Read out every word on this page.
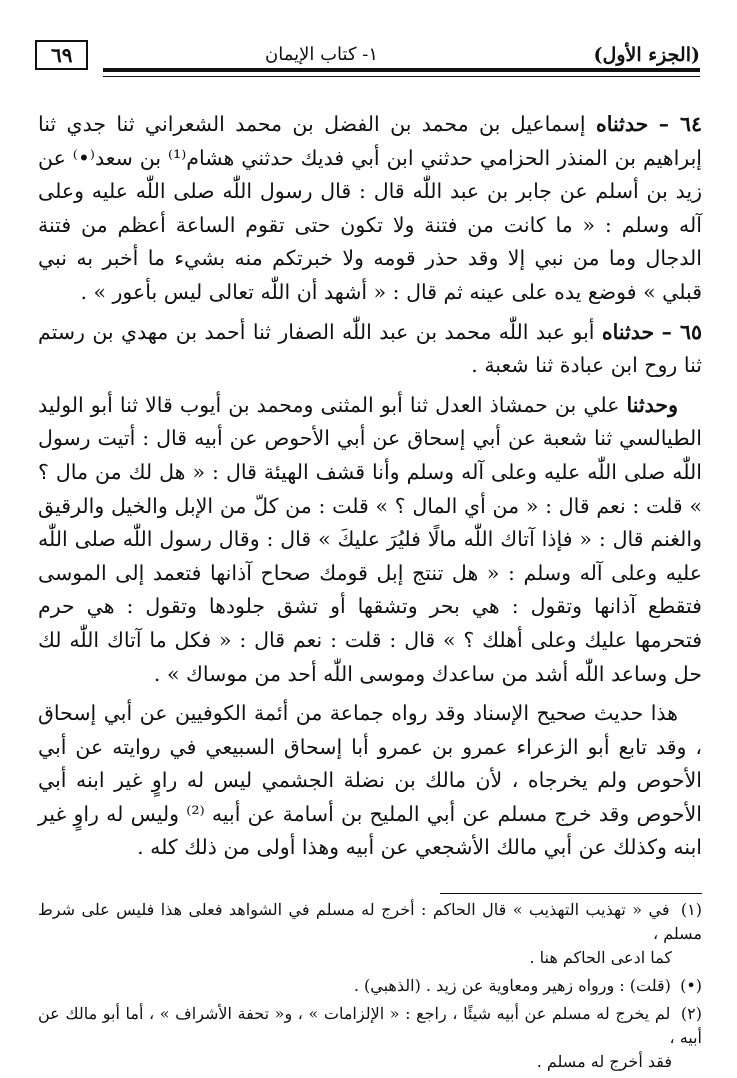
٦٩	١- كتاب الإيمان	(الجزء الأول)

٦٤ – حدثناه إسماعيل بن محمد بن الفضل بن محمد الشعراني ثنا جدي ثنا إبراهيم بن المنذر الحزامي حدثني ابن أبي فديك حدثني هشام⁽¹⁾ بن سعد⁽•⁾ عن زيد بن أسلم عن جابر بن عبد اللّٰه قال : قال رسول اللّٰه صلى اللّٰه عليه وعلى آله وسلم : « ما كانت من فتنة ولا تكون حتى تقوم الساعة أعظم من فتنة الدجال وما من نبي إلا وقد حذر قومه ولا خبرتكم منه بشيء ما أخبر به نبي قبلي » فوضع يده على عينه ثم قال : « أشهد أن اللّٰه تعالى ليس بأعور » .

٦٥ – حدثناه أبو عبد اللّٰه محمد بن عبد اللّٰه الصفار ثنا أحمد بن مهدي بن رستم ثنا روح ابن عبادة ثنا شعبة .

وحدثنا علي بن حمشاذ العدل ثنا أبو المثنى ومحمد بن أيوب قالا ثنا أبو الوليد الطيالسي ثنا شعبة عن أبي إسحاق عن أبي الأحوص عن أبيه قال : أتيت رسول اللّٰه صلى اللّٰه عليه وعلى آله وسلم وأنا قشف الهيئة قال : « هل لك من مال ؟ » قلت : نعم قال : « من أي المال ؟ » قلت : من كلّ من الإبل والخيل والرقيق والغنم قال : « فإذا آتاك اللّٰه مالًا فليُرَ عليكَ » قال : وقال رسول اللّٰه صلى اللّٰه عليه وعلى آله وسلم : « هل تنتج إبل قومك صحاح آذانها فتعمد إلى الموسى فتقطع آذانها وتقول : هي بحر وتشقها أو تشق جلودها وتقول : هي حرم فتحرمها عليك وعلى أهلك ؟ » قال : قلت : نعم قال : « فكل ما آتاك اللّٰه لك حل وساعد اللّٰه أشد من ساعدك وموسى اللّٰه أحد من موساك » .

هذا حديث صحيح الإسناد وقد رواه جماعة من أئمة الكوفيين عن أبي إسحاق ، وقد تابع أبو الزعراء عمرو بن عمرو أبا إسحاق السبيعي في روايته عن أبي الأحوص ولم يخرجاه ، لأن مالك بن نضلة الجشمي ليس له راوٍ غير ابنه أبي الأحوص وقد خرج مسلم عن أبي المليح بن أسامة عن أبيه ⁽²⁾ وليس له راوٍ غير ابنه وكذلك عن أبي مالك الأشجعي عن أبيه وهذا أولى من ذلك كله .

(١) في « تهذيب التهذيب » قال الحاكم : أخرج له مسلم في الشواهد فعلى هذا فليس على شرط مسلم ،
كما ادعى الحاكم هنا .
(•) (قلت) : ورواه زهير ومعاوية عن زيد . (الذهبي) .
(٢) لم يخرج له مسلم عن أبيه شيئًا ، راجع : « الإلزامات » ، و« تحفة الأشراف » ، أما أبو مالك عن أبيه ،
فقد أخرج له مسلم .
